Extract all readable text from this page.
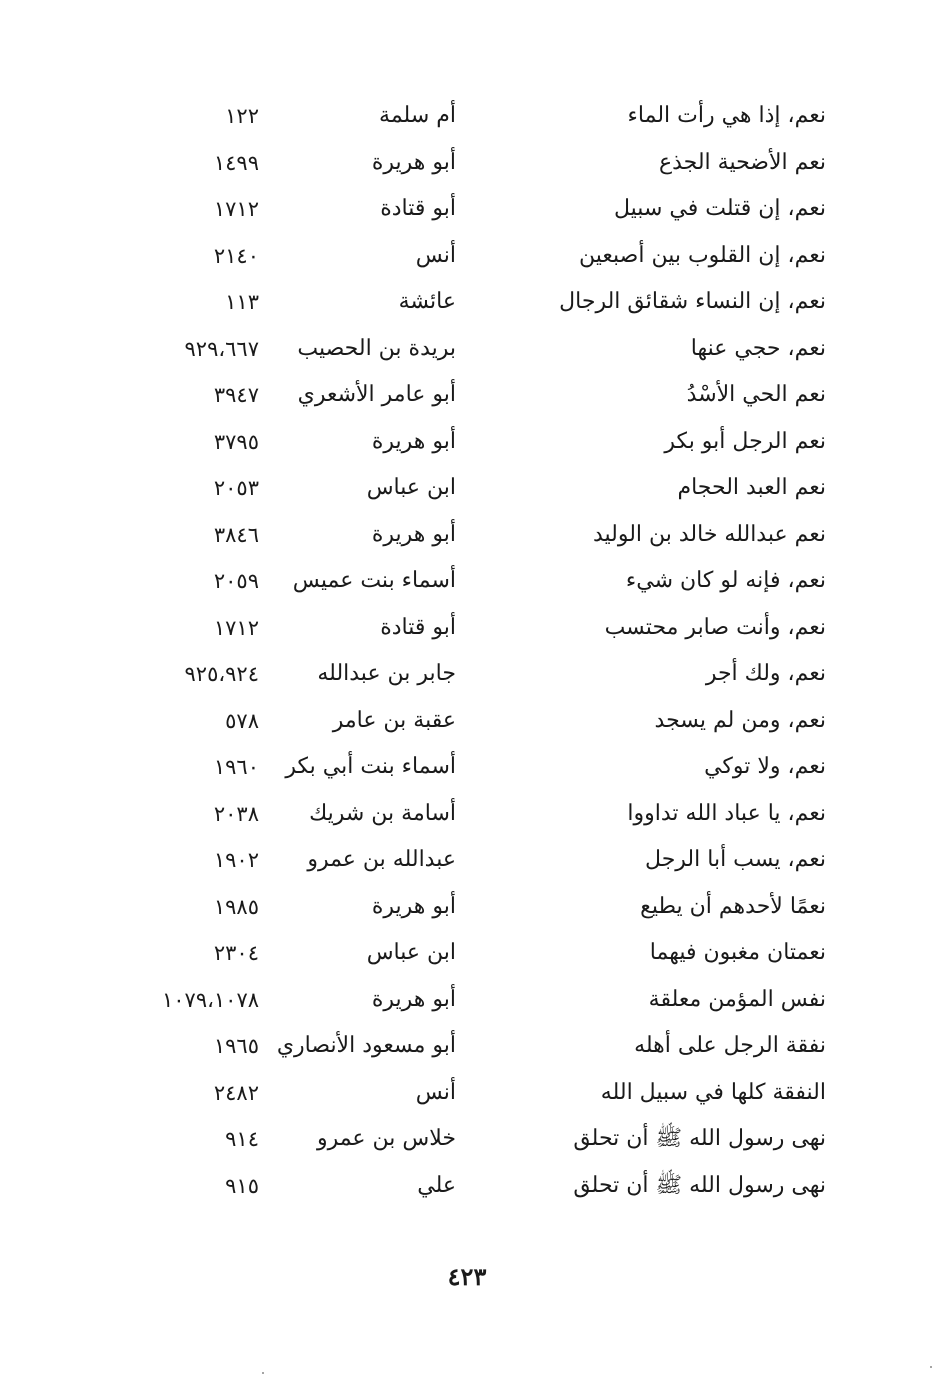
نعم، إذا هي رأت الماء
أم سلمة
١٢٢
نعم الأضحية الجذع
أبو هريرة
١٤٩٩
نعم، إن قتلت في سبيل
أبو قتادة
١٧١٢
نعم، إن القلوب بين أصبعين
أنس
٢١٤٠
نعم، إن النساء شقائق الرجال
عائشة
١١٣
نعم، حجي عنها
بريدة بن الحصيب
٩٢٩،٦٦٧
نعم الحي الأسْدُ
أبو عامر الأشعري
٣٩٤٧
نعم الرجل أبو بكر
أبو هريرة
٣٧٩٥
نعم العبد الحجام
ابن عباس
٢٠٥٣
نعم عبدالله خالد بن الوليد
أبو هريرة
٣٨٤٦
نعم، فإنه لو كان شيء
أسماء بنت عميس
٢٠٥٩
نعم، وأنت صابر محتسب
أبو قتادة
١٧١٢
نعم، ولك أجر
جابر بن عبدالله
٩٢٥،٩٢٤
نعم، ومن لم يسجد
عقبة بن عامر
٥٧٨
نعم، ولا توكي
أسماء بنت أبي بكر
١٩٦٠
نعم، يا عباد الله تداووا
أسامة بن شريك
٢٠٣٨
نعم، يسب أبا الرجل
عبدالله بن عمرو
١٩٠٢
نعمًا لأحدهم أن يطيع
أبو هريرة
١٩٨٥
نعمتان مغبون فيهما
ابن عباس
٢٣٠٤
نفس المؤمن معلقة
أبو هريرة
١٠٧٩،١٠٧٨
نفقة الرجل على أهله
أبو مسعود الأنصاري
١٩٦٥
النفقة كلها في سبيل الله
أنس
٢٤٨٢
نهى رسول الله ﷺ أن تحلق
خلاس بن عمرو
٩١٤
نهى رسول الله ﷺ أن تحلق
علي
٩١٥
٤٢٣
